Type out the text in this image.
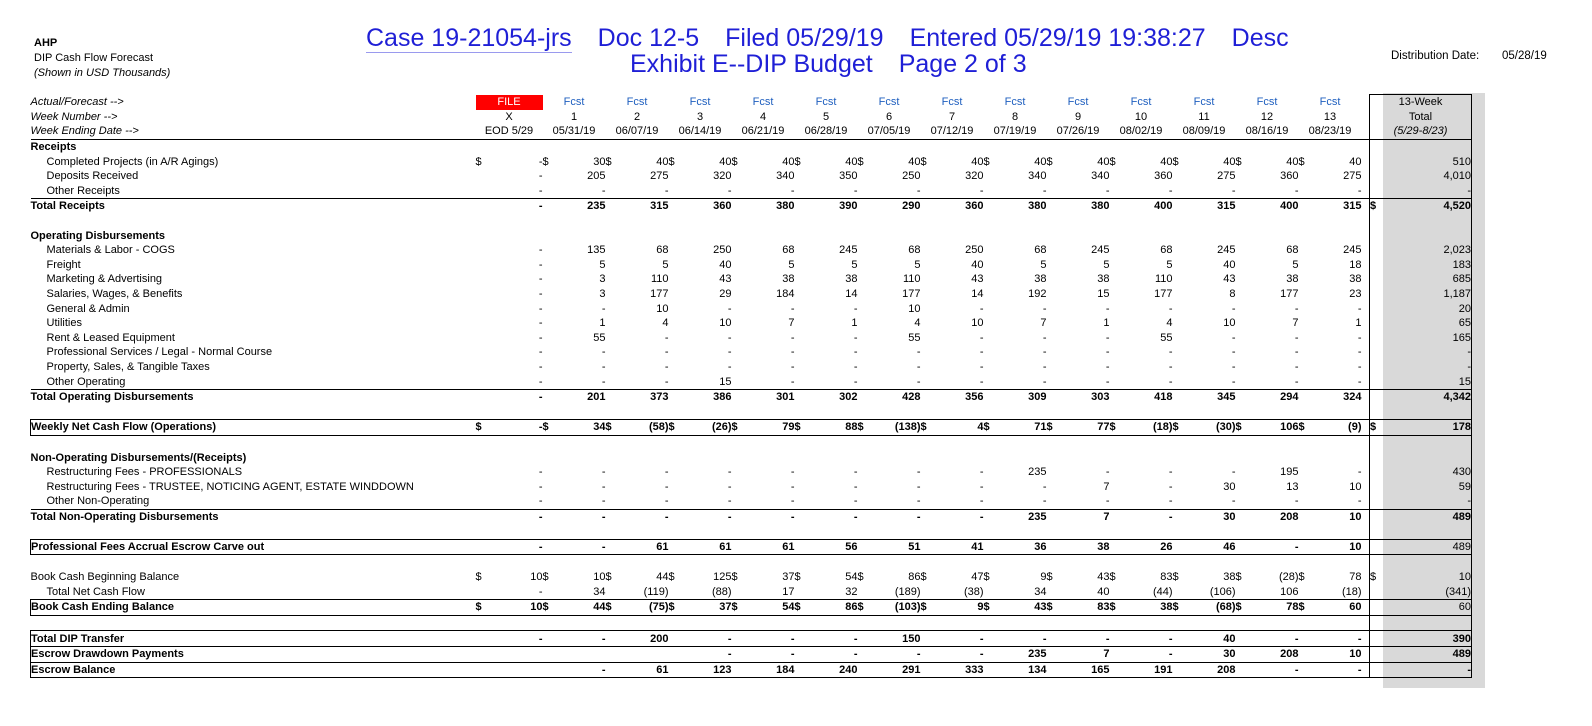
AHP
DIP Cash Flow Forecast
(Shown in USD Thousands)
Case 19-21054-jrs Doc 12-5 Filed 05/29/19 Entered 05/29/19 19:38:27 Desc
Exhibit E--DIP Budget Page 2 of 3	Distribution Date: 05/28/19
Actual/Forecast -->	FILE		Fcst		Fcst		Fcst		Fcst		Fcst		Fcst		Fcst		Fcst		Fcst		Fcst		Fcst		Fcst		Fcst			13-Week	
Week Number -->	X		1		2		3		4		5		6		7		8		9		10		11		12		13			Total	
Week Ending Date -->	EOD 5/29		05/31/19		06/07/19		06/14/19		06/21/19		06/28/19		07/05/19		07/12/19		07/19/19		07/26/19		08/02/19		08/09/19		08/16/19		08/23/19			(5/29-8/23)	
Receipts																															
Completed Projects (in A/R Agings)	$	-	$	30	$	40	$	40	$	40	$	40	$	40	$	40	$	40	$	40	$	40	$	40	$	40	$	40			510
Deposits Received		-		205		275		320		340		350		250		320		340		340		360		275		360		275			4,010
Other Receipts		-		-		-		-		-		-		-		-		-		-		-		-		-		-			-
Total Receipts		-		235		315		360		380		390		290		360		380		380		400		315		400		315		$	4,520

Operating Disbursements																															
Materials & Labor - COGS		-		135		68		250		68		245		68		250		68		245		68		245		68		245			2,023
Freight		-		5		5		40		5		5		5		40		5		5		5		40		5		18			183
Marketing & Advertising		-		3		110		43		38		38		110		43		38		38		110		43		38		38			685
Salaries, Wages, & Benefits		-		3		177		29		184		14		177		14		192		15		177		8		177		23			1,187
General & Admin		-		-		10		-		-		-		10		-		-		-		-		-		-		-			20
Utilities		-		1		4		10		7		1		4		10		7		1		4		10		7		1			65
Rent & Leased Equipment		-		55		-		-		-		-		55		-		-		-		55		-		-		-			165
Professional Services / Legal - Normal Course		-		-		-		-		-		-		-		-		-		-		-		-		-		-			-
Property, Sales, & Tangible Taxes		-		-		-		-		-		-		-		-		-		-		-		-		-		-			-
Other Operating		-		-		-		15		-		-		-		-		-		-		-		-		-		-			15
Total Operating Disbursements		-		201		373		386		301		302		428		356		309		303		418		345		294		324			4,342

Weekly Net Cash Flow (Operations)	$	-	$	34	$	(58)	$	(26)	$	79	$	88	$	(138)	$	4	$	71	$	77	$	(18)	$	(30)	$	106	$	(9)		$	178

Non-Operating Disbursements/(Receipts)																															
Restructuring Fees - PROFESSIONALS		-		-		-		-		-		-		-		-		235		-		-		-		195		-			430
Restructuring Fees - TRUSTEE, NOTICING AGENT, ESTATE WINDDOWN		-		-		-		-		-		-		-		-		-		7		-		30		13		10			59
Other Non-Operating		-		-		-		-		-		-		-		-		-		-		-		-		-		-			-
Total Non-Operating Disbursements		-		-		-		-		-		-		-		-		235		7		-		30		208		10			489

Professional Fees Accrual Escrow Carve out		-		-		61		61		61		56		51		41		36		38		26		46		-		10			489

Book Cash Beginning Balance	$	10	$	10	$	44	$	125	$	37	$	54	$	86	$	47	$	9	$	43	$	83	$	38	$	(28)	$	78		$	10
Total Net Cash Flow		-		34		(119)		(88)		17		32		(189)		(38)		34		40		(44)		(106)		106		(18)			(341)
Book Cash Ending Balance	$	10	$	44	$	(75)	$	37	$	54	$	86	$	(103)	$	9	$	43	$	83	$	38	$	(68)	$	78	$	60			60

Total DIP Transfer		-		-		200		-		-		-		150		-		-		-		-		40		-		-			390
Escrow Drawdown Payments								-		-		-		-		-		235		7		-		30		208		10			489
Escrow Balance				-		61		123		184		240		291		333		134		165		191		208		-		-			-
